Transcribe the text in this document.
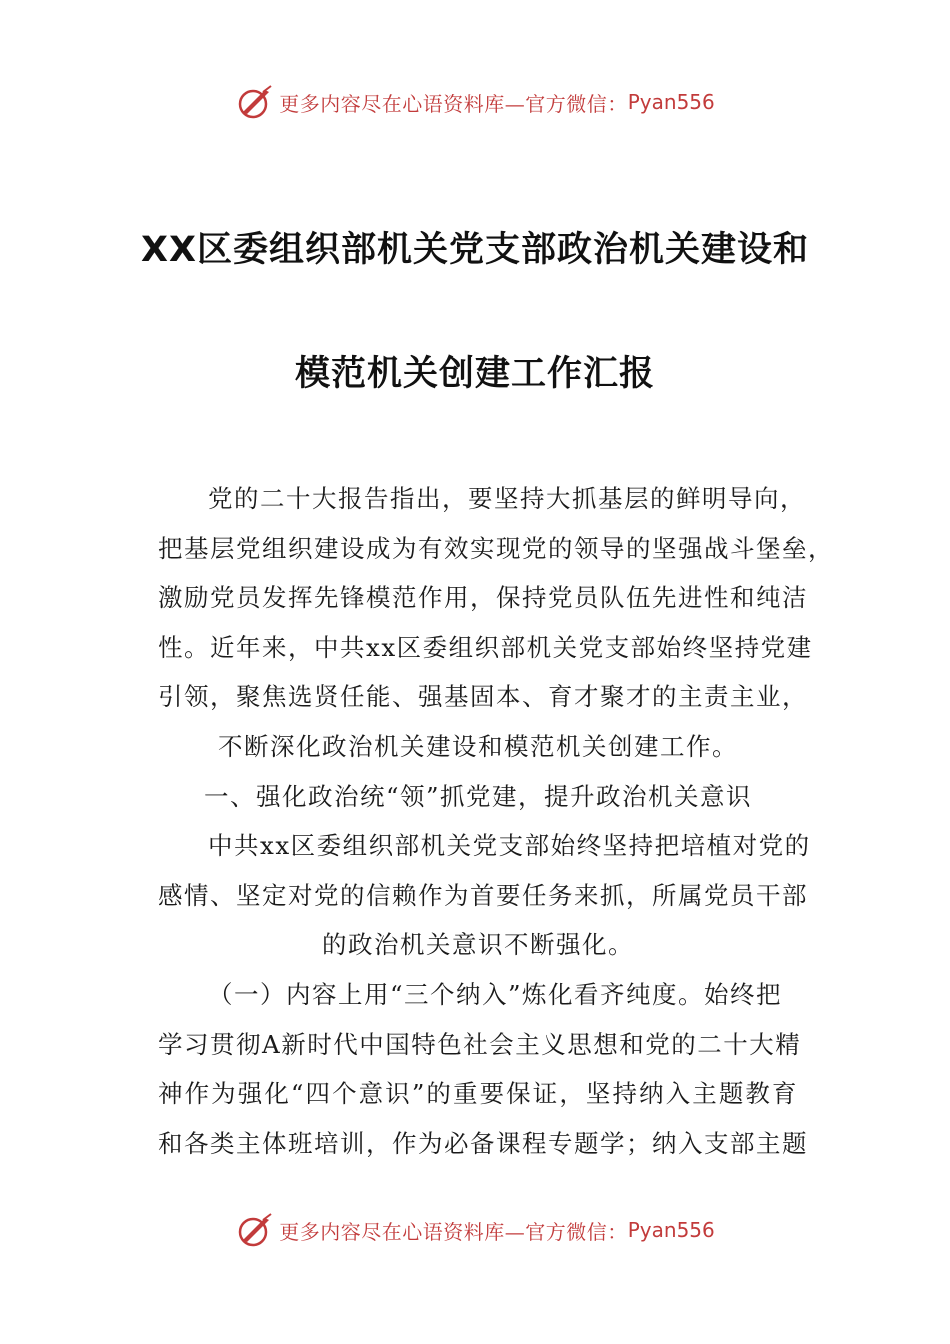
更多内容尽在心语资料库—官方微信： Pyan556
XX区委组织部机关党支部政治机关建设和
模范机关创建工作汇报
党的二十大报告指出，要坚持大抓基层的鲜明导向，
把基层党组织建设成为有效实现党的领导的坚强战斗堡垒，
激励党员发挥先锋模范作用，保持党员队伍先进性和纯洁
性。近年来，中共xx区委组织部机关党支部始终坚持党建
引领，聚焦选贤任能、强基固本、育才聚才的主责主业，
不断深化政治机关建设和模范机关创建工作。
一、强化政治统“领”抓党建，提升政治机关意识
中共xx区委组织部机关党支部始终坚持把培植对党的
感情、坚定对党的信赖作为首要任务来抓，所属党员干部
的政治机关意识不断强化。
（一）内容上用“三个纳入”炼化看齐纯度。始终把
学习贯彻A新时代中国特色社会主义思想和党的二十大精
神作为强化“四个意识”的重要保证，坚持纳入主题教育
和各类主体班培训，作为必备课程专题学；纳入支部主题
更多内容尽在心语资料库—官方微信： Pyan556
